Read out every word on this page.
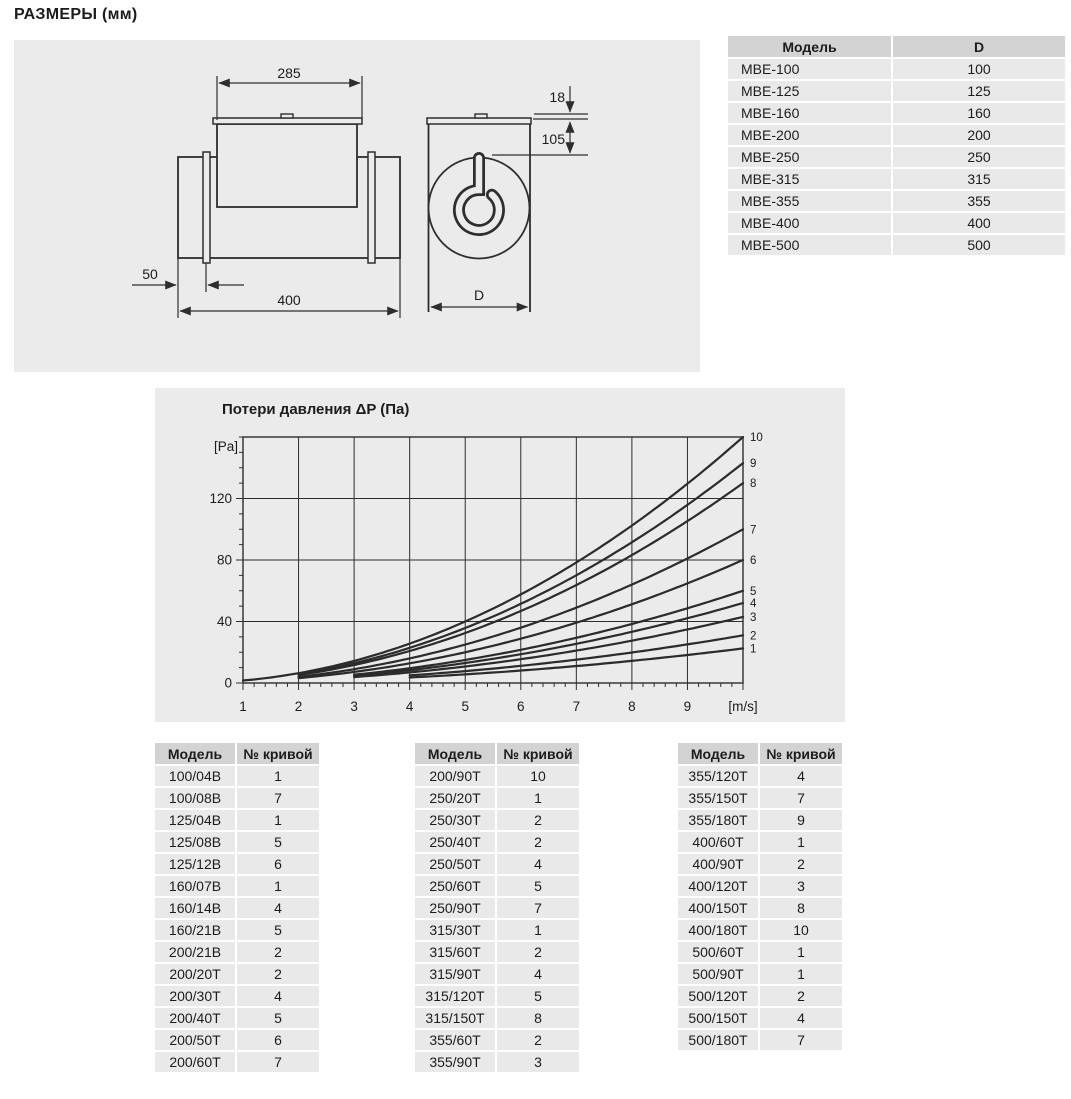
РАЗМЕРЫ (мм)
285
50
400
18
105
D
Модель	D
MBE-100	100
MBE-125	125
MBE-160	160
MBE-200	200
MBE-250	250
MBE-315	315
MBE-355	355
MBE-400	400
MBE-500	500
Потери давления ΔP (Па)
1	2	3	4	5	6	7	8	9	[m/s]
0
40
80
120
[Pa]
10
9
8
7
6
5
4
3
2
1
Модель	№ кривой
100/04B	1
100/08B	7
125/04B	1
125/08B	5
125/12B	6
160/07B	1
160/14B	4
160/21B	5
200/21B	2
200/20T	2
200/30T	4
200/40T	5
200/50T	6
200/60T	7
Модель	№ кривой
200/90T	10
250/20T	1
250/30T	2
250/40T	2
250/50T	4
250/60T	5
250/90T	7
315/30T	1
315/60T	2
315/90T	4
315/120T	5
315/150T	8
355/60T	2
355/90T	3
Модель	№ кривой
355/120T	4
355/150T	7
355/180T	9
400/60T	1
400/90T	2
400/120T	3
400/150T	8
400/180T	10
500/60T	1
500/90T	1
500/120T	2
500/150T	4
500/180T	7
